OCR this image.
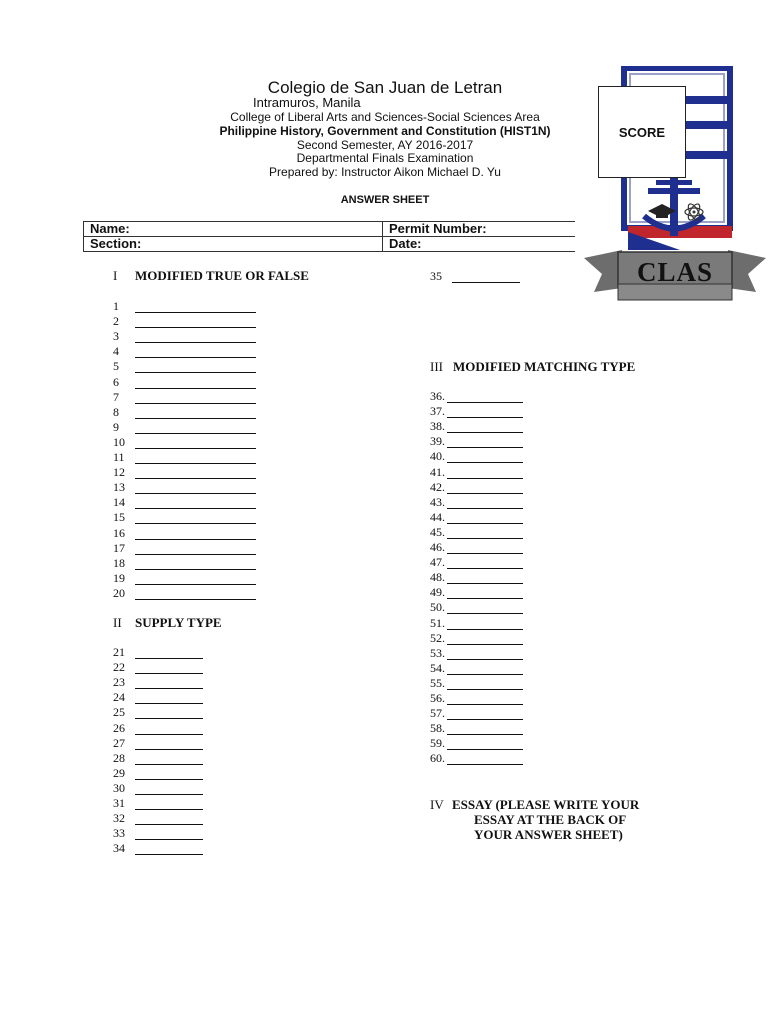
Colegio de San Juan de Letran
Intramuros, Manila
College of Liberal Arts and Sciences-Social Sciences Area
Philippine History, Government and Constitution (HIST1N)
Second Semester, AY 2016-2017
Departmental Finals Examination
Prepared by: Instructor Aikon Michael D. Yu
ANSWER SHEET
CLAS
SCORE
Name:	Permit Number:
Section:	Date:
I MODIFIED TRUE OR FALSE
1
2
3
4
5
6
7
8
9
10
11
12
13
14
15
16
17
18
19
20
II SUPPLY TYPE
21
22
23
24
25
26
27
28
29
30
31
32
33
34
35
III MODIFIED MATCHING TYPE
36.
37.
38.
39.
40.
41.
42.
43.
44.
45.
46.
47.
48.
49.
50.
51.
52.
53.
54.
55.
56.
57.
58.
59.
60.
IV ESSAY (PLEASE WRITE YOUR
ESSAY AT THE BACK OF
YOUR ANSWER SHEET)
